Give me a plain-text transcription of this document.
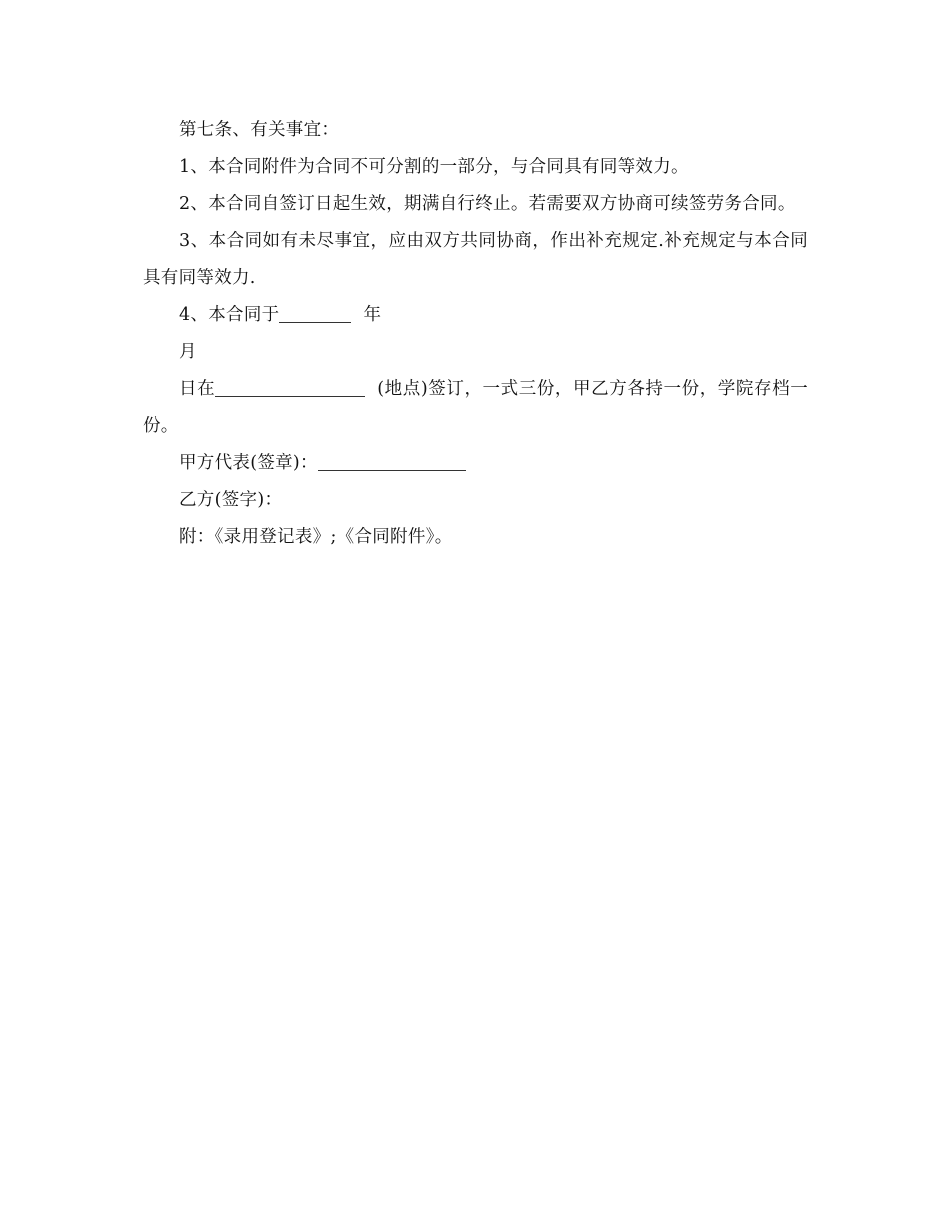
第七条、有关事宜：

1、本合同附件为合同不可分割的一部分，与合同具有同等效力。

2、本合同自签订日起生效，期满自行终止。若需要双方协商可续签劳务合同。

3、本合同如有未尽事宜，应由双方共同协商，作出补充规定.补充规定与本合同具有同等效力.

4、本合同于	年

月

日在	(地点)签订，一式三份，甲乙方各持一份，学院存档一份。

甲方代表(签章)：

乙方(签字)：

附：《录用登记表》;《合同附件》。
